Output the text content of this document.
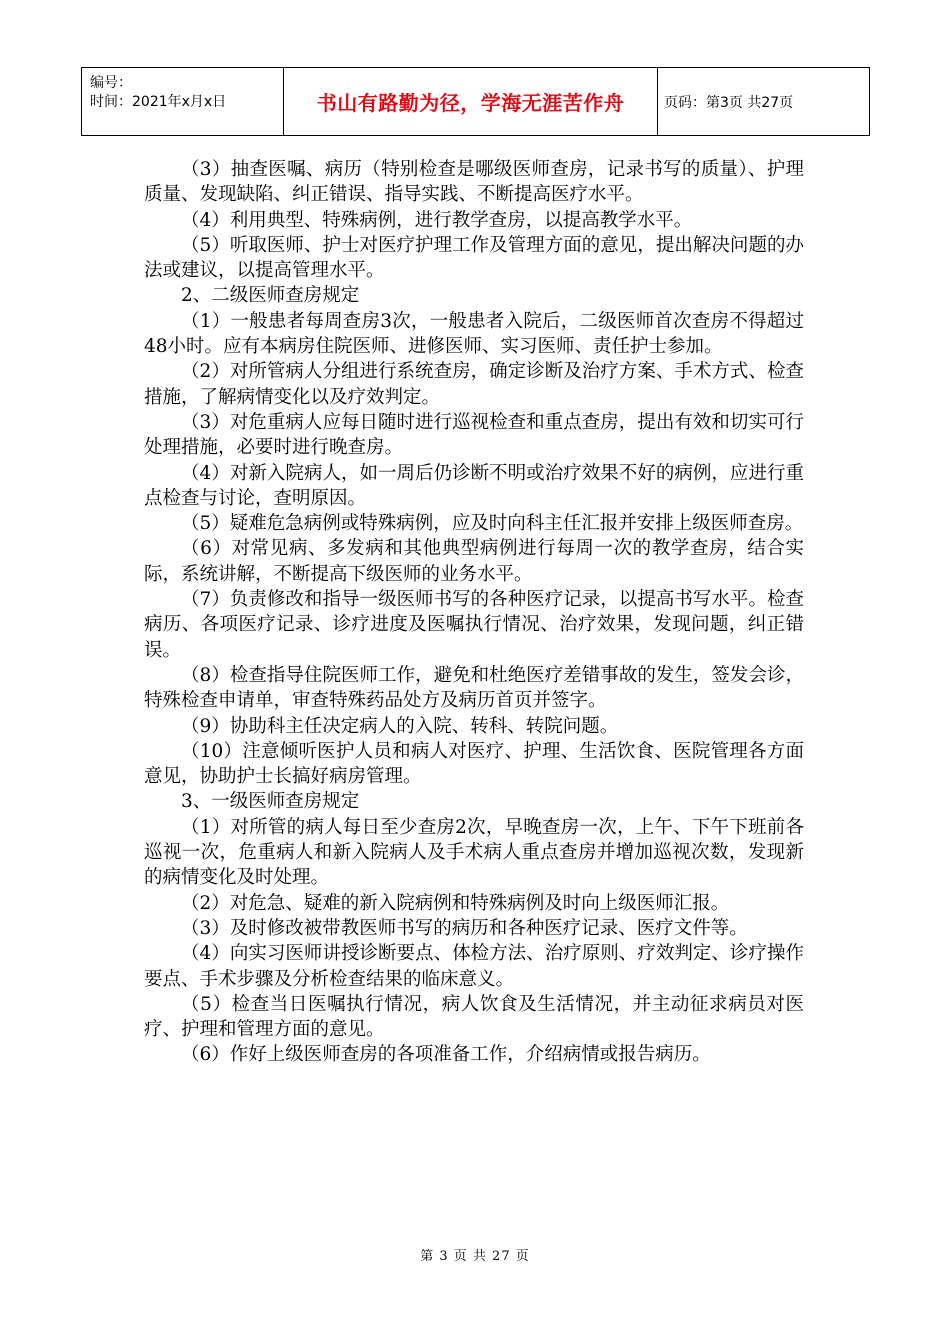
编号：
时间：2021年x月x日	书山有路勤为径，学海无涯苦作舟	页码：第3页 共27页

（3）抽查医嘱、病历（特别检查是哪级医师查房，记录书写的质量）、护理质量、发现缺陷、纠正错误、指导实践、不断提高医疗水平。

（4）利用典型、特殊病例，进行教学查房，以提高教学水平。

（5）听取医师、护士对医疗护理工作及管理方面的意见，提出解决问题的办法或建议，以提高管理水平。

2、二级医师查房规定

（1）一般患者每周查房3次，一般患者入院后，二级医师首次查房不得超过48小时。应有本病房住院医师、进修医师、实习医师、责任护士参加。

（2）对所管病人分组进行系统查房，确定诊断及治疗方案、手术方式、检查措施，了解病情变化以及疗效判定。

（3）对危重病人应每日随时进行巡视检查和重点查房，提出有效和切实可行处理措施，必要时进行晚查房。

（4）对新入院病人，如一周后仍诊断不明或治疗效果不好的病例，应进行重点检查与讨论，查明原因。

（5）疑难危急病例或特殊病例，应及时向科主任汇报并安排上级医师查房。

（6）对常见病、多发病和其他典型病例进行每周一次的教学查房，结合实际，系统讲解，不断提高下级医师的业务水平。

（7）负责修改和指导一级医师书写的各种医疗记录，以提高书写水平。检查病历、各项医疗记录、诊疗进度及医嘱执行情况、治疗效果，发现问题，纠正错误。

（8）检查指导住院医师工作，避免和杜绝医疗差错事故的发生，签发会诊，特殊检查申请单，审查特殊药品处方及病历首页并签字。

（9）协助科主任决定病人的入院、转科、转院问题。

（10）注意倾听医护人员和病人对医疗、护理、生活饮食、医院管理各方面意见，协助护士长搞好病房管理。

3、一级医师查房规定

（1）对所管的病人每日至少查房2次，早晚查房一次，上午、下午下班前各巡视一次，危重病人和新入院病人及手术病人重点查房并增加巡视次数，发现新的病情变化及时处理。

（2）对危急、疑难的新入院病例和特殊病例及时向上级医师汇报。

（3）及时修改被带教医师书写的病历和各种医疗记录、医疗文件等。

（4）向实习医师讲授诊断要点、体检方法、治疗原则、疗效判定、诊疗操作要点、手术步骤及分析检查结果的临床意义。

（5）检查当日医嘱执行情况，病人饮食及生活情况，并主动征求病员对医疗、护理和管理方面的意见。

（6）作好上级医师查房的各项准备工作，介绍病情或报告病历。

第 3 页 共 27 页
